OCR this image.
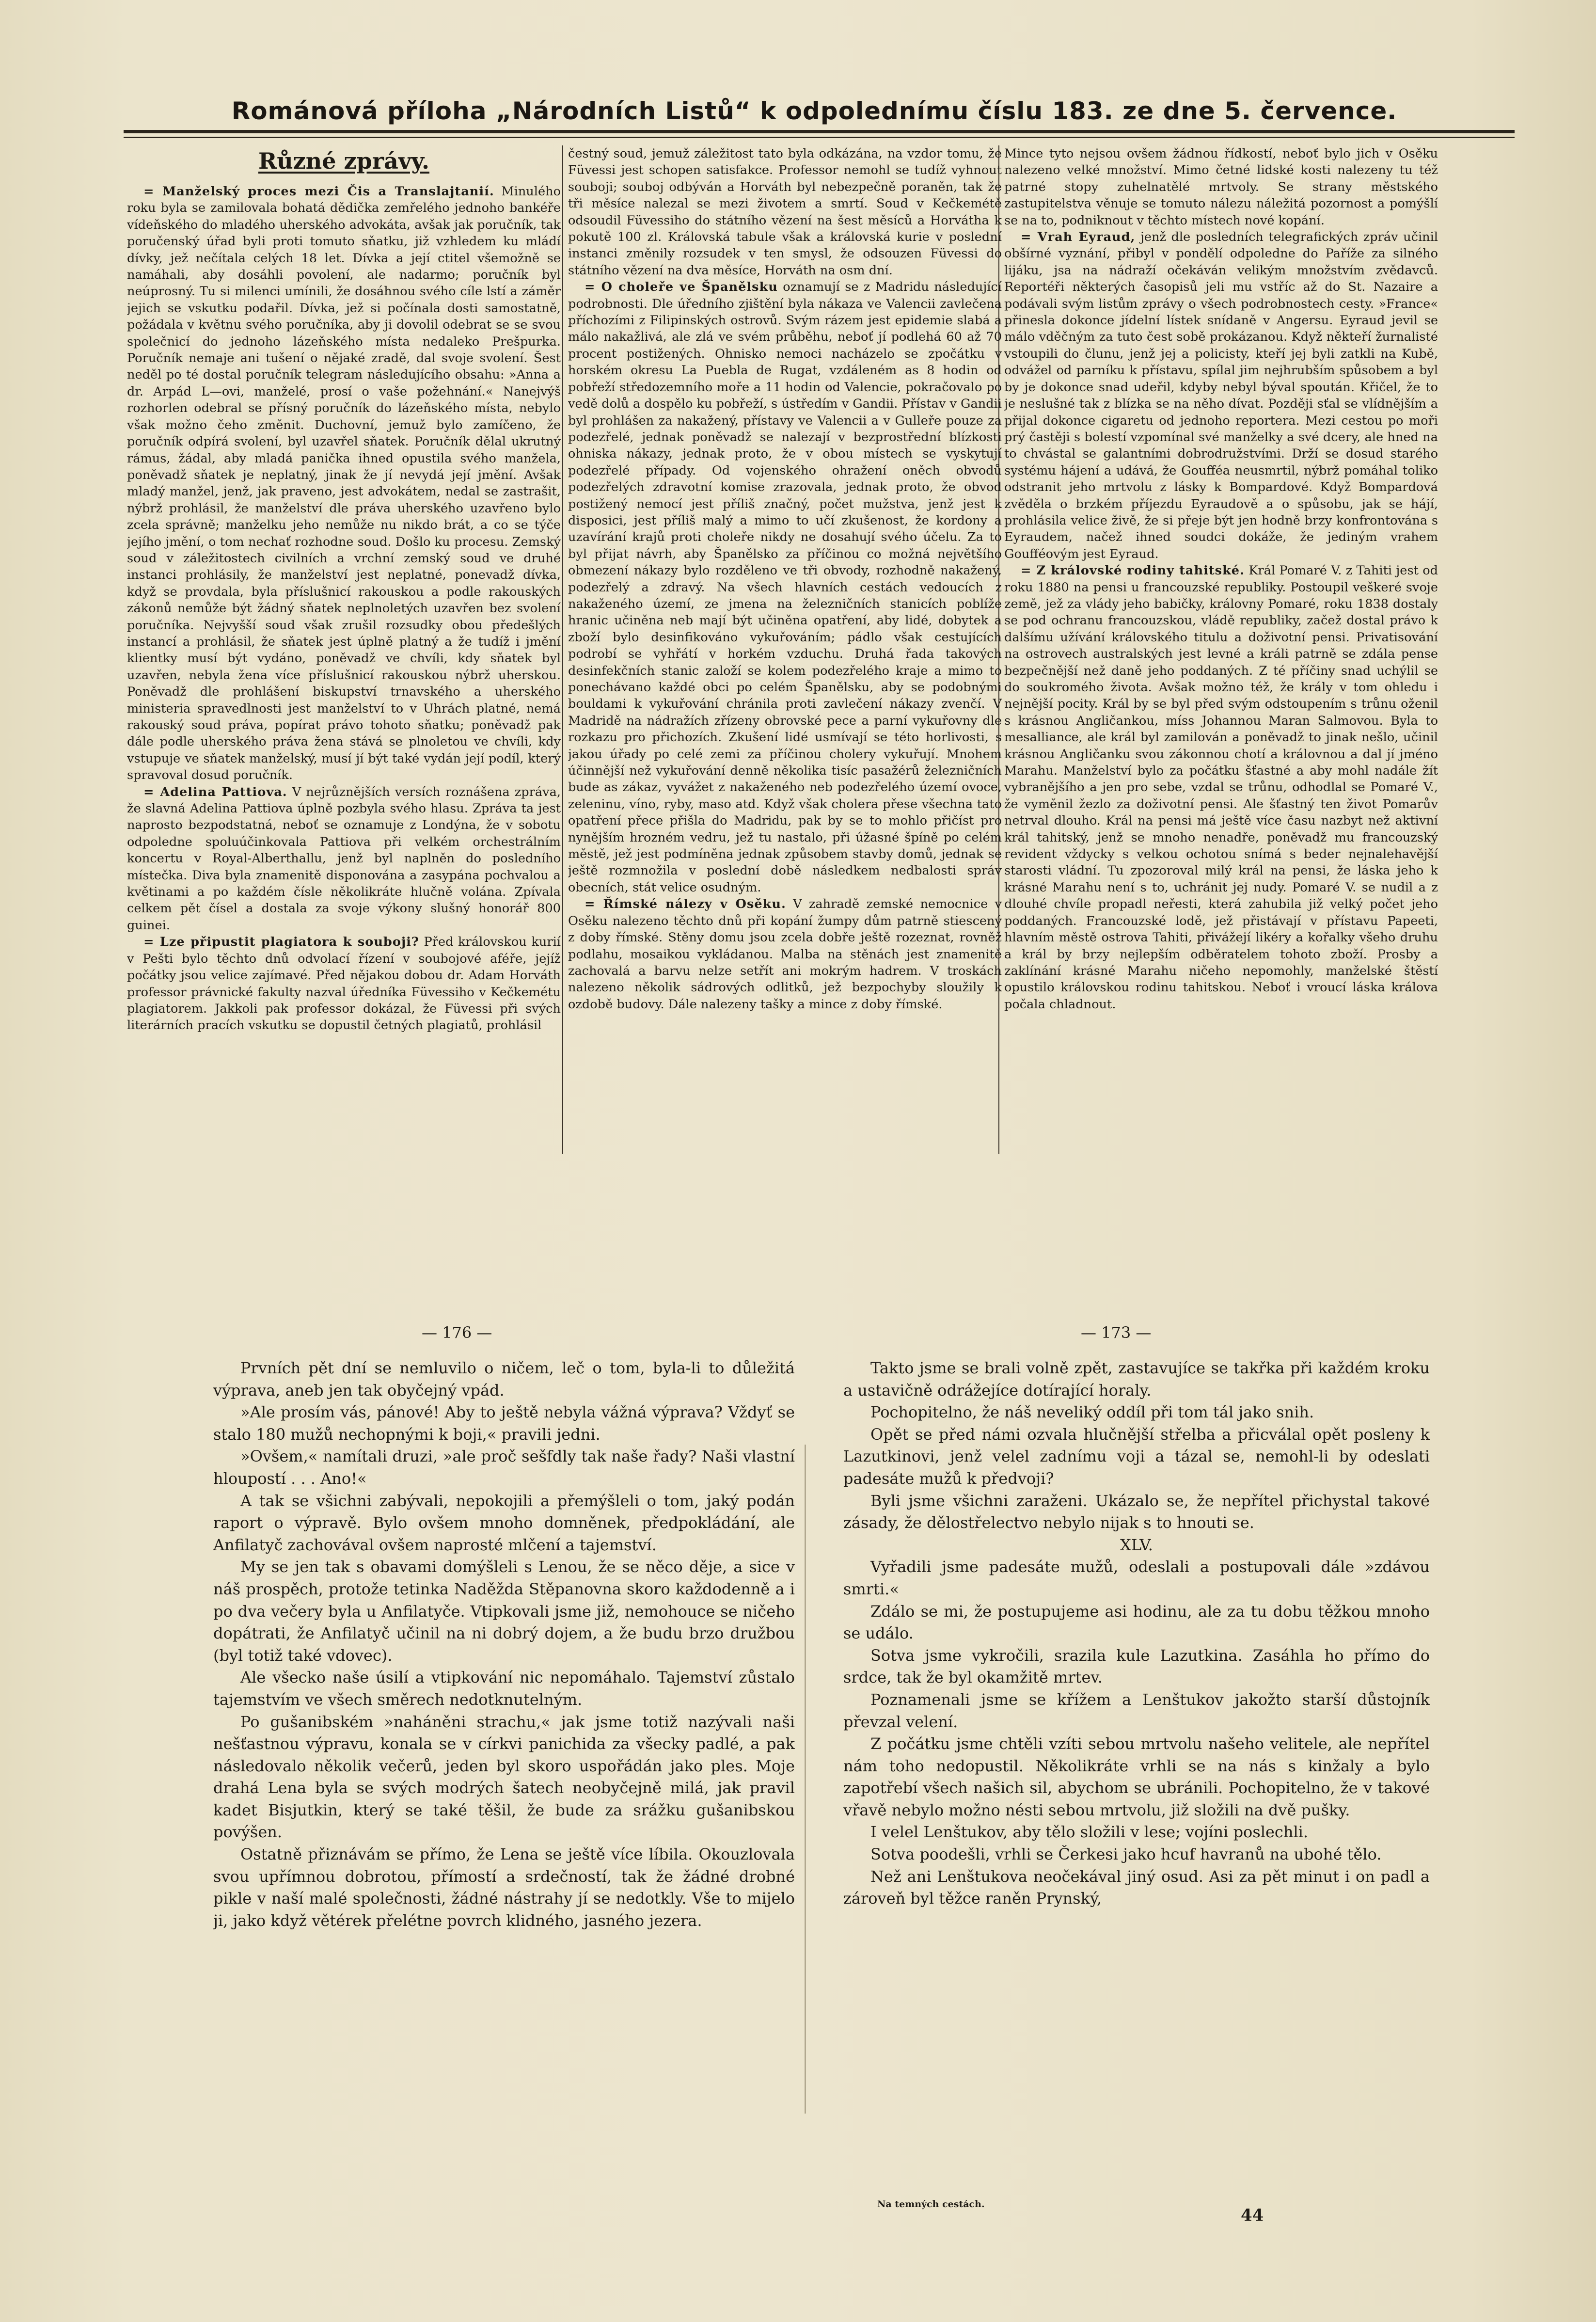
Románová příloha „Národních Listů“ k odpolednímu číslu 183. ze dne 5. července.
Různé zprávy.

= Manželský proces mezi Čis a Translajtanií. Minulého roku byla se zamilovala bohatá dědička zemřelého jednoho bankéře vídeňského do mladého uherského advokáta, avšak jak poručník, tak poručenský úřad byli proti tomuto sňatku, již vzhledem ku mládí dívky, jež nečítala celých 18 let. Dívka a její ctitel všemožně se namáhali, aby dosáhli povolení, ale nadarmo; poručník byl neúprosný. Tu si milenci umínili, že dosáhnou svého cíle lstí a záměr jejich se vskutku podařil. Dívka, jež si počínala dosti samostatně, požádala v květnu svého poručníka, aby ji dovolil odebrat se se svou společnicí do jednoho lázeňského místa nedaleko Prešpurka. Poručník nemaje ani tušení o nějaké zradě, dal svoje svolení. Šest neděl po té dostal poručník telegram následujícího obsahu: »Anna a dr. Arpád L—ovi, manželé, prosí o vaše požehnání.« Nanejvýš rozhorlen odebral se přísný poručník do lázeňského místa, nebylo však možno čeho změnit. Duchovní, jemuž bylo zamíčeno, že poručník odpírá svolení, byl uzavřel sňatek. Poručník dělal ukrutný rámus, žádal, aby mladá panička ihned opustila svého manžela, poněvadž sňatek je neplatný, jinak že jí nevydá její jmění. Avšak mladý manžel, jenž, jak praveno, jest advokátem, nedal se zastrašit, nýbrž prohlásil, že manželství dle práva uherského uzavřeno bylo zcela správně; manželku jeho nemůže nu nikdo brát, a co se týče jejího jmění, o tom nechať rozhodne soud. Došlo ku procesu. Zemský soud v záležitostech civilních a vrchní zemský soud ve druhé instanci prohlásily, že manželství jest neplatné, ponevadž dívka, když se provdala, byla příslušnicí rakouskou a podle rakouských zákonů nemůže být žádný sňatek neplnoletých uzavřen bez svolení poručníka. Nejvyšší soud však zrušil rozsudky obou předešlých instancí a prohlásil, že sňatek jest úplně platný a že tudíž i jmění klientky musí být vydáno, poněvadž ve chvíli, kdy sňatek byl uzavřen, nebyla žena více příslušnicí rakouskou nýbrž uherskou. Poněvadž dle prohlášení biskupství trnavského a uherského ministeria spravedlnosti jest manželství to v Uhrách platné, nemá rakouský soud práva, popírat právo tohoto sňatku; poněvadž pak dále podle uherského práva žena stává se plnoletou ve chvíli, kdy vstupuje ve sňatek manželský, musí jí být také vydán její podíl, který spravoval dosud poručník.

= Adelina Pattiova. V nejrůznějších versích roznášena zpráva, že slavná Adelina Pattiova úplně pozbyla svého hlasu. Zpráva ta jest naprosto bezpodstatná, neboť se oznamuje z Londýna, že v sobotu odpoledne spoluúčinkovala Pattiova při velkém orchestrálním koncertu v Royal-Alberthallu, jenž byl naplněn do posledního místečka. Diva byla znamenitě disponována a zasypána pochvalou a květinami a po každém čísle několikráte hlučně volána. Zpívala celkem pět čísel a dostala za svoje výkony slušný honorář 800 guinei.

= Lze připustit plagiatora k souboji? Před královskou kurií v Pešti bylo těchto dnů odvolací řízení v soubojové aféře, jejíž počátky jsou velice zajímavé. Před nějakou dobou dr. Adam Horváth professor právnické fakulty nazval úředníka Füvessiho v Kečkemétu plagiatorem. Jakkoli pak professor dokázal, že Füvessi při svých literárních pracích vskutku se dopustil četných plagiatů, prohlásil

čestný soud, jemuž záležitost tato byla odkázána, na vzdor tomu, že Füvessi jest schopen satisfakce. Professor nemohl se tudíž vyhnout souboji; souboj odbýván a Horváth byl nebezpečně poraněn, tak že tři měsíce nalezal se mezi životem a smrtí. Soud v Kečkemétě odsoudil Füvessiho do státního vězení na šest měsíců a Horvátha k pokutě 100 zl. Královská tabule však a královská kurie v poslední instanci změnily rozsudek v ten smysl, že odsouzen Füvessi do státního vězení na dva měsíce, Horváth na osm dní.

= O choleře ve Španělsku oznamují se z Madridu následující podrobnosti. Dle úředního zjištění byla nákaza ve Valencii zavlečena příchozími z Filipinských ostrovů. Svým rázem jest epidemie slabá a málo nakažlivá, ale zlá ve svém průběhu, neboť jí podlehá 60 až 70 procent postižených. Ohnisko nemoci nacházelo se zpočátku v horském okresu La Puebla de Rugat, vzdáleném as 8 hodin od pobřeží středozemního moře a 11 hodin od Valencie, pokračovalo po vedě dolů a dospělo ku pobřeží, s ústředím v Gandii. Přístav v Gandii byl prohlášen za nakažený, přístavy ve Valencii a v Gulleře pouze za podezřelé, jednak poněvadž se nalezají v bezprostřední blízkosti ohniska nákazy, jednak proto, že v obou místech se vyskytují podezřelé případy. Od vojenského ohražení oněch obvodů podezřelých zdravotní komise zrazovala, jednak proto, že obvod postižený nemocí jest příliš značný, počet mužstva, jenž jest k disposici, jest příliš malý a mimo to učí zkušenost, že kordony a uzavírání krajů proti choleře nikdy ne dosahují svého účelu. Za to byl přijat návrh, aby Španělsko za příčinou co možná největšího obmezení nákazy bylo rozděleno ve tři obvody, rozhodně nakažený, podezřelý a zdravý. Na všech hlavních cestách vedoucích z nakaženého území, ze jmena na železničních stanicích poblíže hranic učiněna neb mají být učiněna opatření, aby lidé, dobytek a zboží bylo desinfikováno vykuřováním; pádlo však cestujících podrobí se vyhřátí v horkém vzduchu. Druhá řada takových desinfekčních stanic založí se kolem podezřelého kraje a mimo to ponechávano každé obci po celém Španělsku, aby se podobnými bouldami k vykuřování chránila proti zavlečení nákazy zvenčí. V Madridě na nádražích zřízeny obrovské pece a parní vykuřovny dle rozkazu pro přichozích. Zkušení lidé usmívají se této horlivosti, s jakou úřady po celé zemi za příčinou cholery vykuřují. Mnohem účinnější než vykuřování denně několika tisíc pasažérů železničních bude as zákaz, vyvážet z nakaženého neb podezřelého území ovoce, zeleninu, víno, ryby, maso atd. Když však cholera přese všechna tato opatření přece přišla do Madridu, pak by se to mohlo přičíst pro nynějším hrozném vedru, jež tu nastalo, při úžasné špíně po celém městě, jež jest podmíněna jednak způsobem stavby domů, jednak se ještě rozmnožila v poslední době následkem nedbalosti správ obecních, stát velice osudným.

= Římské nálezy v Osěku. V zahradě zemské nemocnice v Osěku nalezeno těchto dnů při kopání žumpy dům patrně stiescený z doby římské. Stěny domu jsou zcela dobře ještě rozeznat, rovněž podlahu, mosaikou vykládanou. Malba na stěnách jest znamenitě zachovalá a barvu nelze setřít ani mokrým hadrem. V troskách nalezeno několik sádrových odlitků, jež bezpochyby sloužily k ozdobě budovy. Dále nalezeny tašky a mince z doby římské.

Mince tyto nejsou ovšem žádnou řídkostí, neboť bylo jich v Osěku nalezeno velké množství. Mimo četné lidské kosti nalezeny tu též patrné stopy zuhelnatělé mrtvoly. Se strany městského zastupitelstva věnuje se tomuto nálezu náležitá pozornost a pomýšlí se na to, podniknout v těchto místech nové kopání.

= Vrah Eyraud, jenž dle posledních telegrafických zpráv učinil obšírné vyznání, přibyl v pondělí odpoledne do Paříže za silného lijáku, jsa na nádraží očekáván velikým množstvím zvědavců. Reportéři některých časopisů jeli mu vstříc až do St. Nazaire a podávali svým listům zprávy o všech podrobnostech cesty. »France« přinesla dokonce jídelní lístek snídaně v Angersu. Eyraud jevil se málo vděčným za tuto čest sobě prokázanou. Když někteří žurnalisté vstoupili do člunu, jenž jej a policisty, kteří jej byli zatkli na Kubě, odvážel od parníku k přístavu, spílal jim nejhrubším spůsobem a byl by je dokonce snad udeřil, kdyby nebyl býval spoután. Křičel, že to je neslušné tak z blízka se na něho dívat. Později sťal se vlídnějším a přijal dokonce cigaretu od jednoho reportera. Mezi cestou po moři prý častěji s bolestí vzpomínal své manželky a své dcery, ale hned na to chvástal se galantními dobrodružstvími. Drží se dosud starého systému hájení a udává, že Goufféa neusmrtil, nýbrž pomáhal toliko odstranit jeho mrtvolu z lásky k Bompardové. Když Bompardová zvěděla o brzkém příjezdu Eyraudově a o spůsobu, jak se hájí, prohlásila velice živě, že si přeje být jen hodně brzy konfrontována s Eyraudem, načež ihned soudci dokáže, že jediným vrahem Goufféovým jest Eyraud.

= Z královské rodiny tahitské. Král Pomaré V. z Tahiti jest od roku 1880 na pensi u francouzské republiky. Postoupil veškeré svoje země, jež za vlády jeho babičky, královny Pomaré, roku 1838 dostaly se pod ochranu francouzskou, vládě republiky, začež dostal právo k dalšímu užívání královského titulu a doživotní pensi. Privatisování na ostrovech australských jest levné a králi patrně se zdála pense bezpečnější než daně jeho poddaných. Z té příčiny snad uchýlil se do soukromého života. Avšak možno též, že krály v tom ohledu i nejnější pocity. Král by se byl před svým odstoupením s trůnu oženil s krásnou Angličankou, míss Johannou Maran Salmovou. Byla to mesalliance, ale král byl zamilován a poněvadž to jinak nešlo, učinil krásnou Angličanku svou zákonnou chotí a královnou a dal jí jméno Marahu. Manželství bylo za počátku šťastné a aby mohl nadále žít vybranějšího a jen pro sebe, vzdal se trůnu, odhodlal se Pomaré V., že vyměnil žezlo za doživotní pensi. Ale šťastný ten život Pomarův netrval dlouho. Král na pensi má ještě více času nazbyt než aktivní král tahitský, jenž se mnoho nenadře, poněvadž mu francouzský revident vždycky s velkou ochotou snímá s beder nejnalehavější starosti vládní. Tu zpozoroval milý král na pensi, že láska jeho k krásné Marahu není s to, uchránit jej nudy. Pomaré V. se nudil a z dlouhé chvíle propadl neřesti, která zahubila již velký počet jeho poddaných. Francouzské lodě, jež přistávají v přístavu Papeeti, hlavním městě ostrova Tahiti, přivážejí likéry a kořalky všeho druhu a král by brzy nejlepším odběratelem tohoto zboží. Prosby a zaklínání krásné Marahu ničeho nepomohly, manželské štěstí opustilo královskou rodinu tahitskou. Neboť i vroucí láska králova počala chladnout.

— 176 —	— 173 —

Prvních pět dní se nemluvilo o ničem, leč o tom, byla-li to důležitá výprava, aneb jen tak obyčejný vpád.

»Ale prosím vás, pánové! Aby to ještě nebyla vážná výprava? Vždyť se stalo 180 mužů nechopnými k boji,« pravili jedni.

»Ovšem,« namítali druzi, »ale proč sešfdly tak naše řady? Naši vlastní hloupostí . . . Ano!«

A tak se všichni zabývali, nepokojili a přemýšleli o tom, jaký podán raport o výpravě. Bylo ovšem mnoho domněnek, předpokládání, ale Anfilatyč zachovával ovšem naprosté mlčení a tajemství.

My se jen tak s obavami domýšleli s Lenou, že se něco děje, a sice v náš prospěch, protože tetinka Naděžda Stěpanovna skoro každodenně a i po dva večery byla u Anfilatyče. Vtipkovali jsme již, nemohouce se ničeho dopátrati, že Anfilatyč učinil na ni dobrý dojem, a že budu brzo družbou (byl totiž také vdovec).

Ale všecko naše úsilí a vtipkování nic nepomáhalo. Tajemství zůstalo tajemstvím ve všech směrech nedotknutelným.

Po gušanibském »naháněni strachu,« jak jsme totiž nazývali naši nešťastnou výpravu, konala se v církvi panichida za všecky padlé, a pak následovalo několik večerů, jeden byl skoro uspořádán jako ples. Moje drahá Lena byla se svých modrých šatech neobyčejně milá, jak pravil kadet Bisjutkin, který se také těšil, že bude za srážku gušanibskou povýšen.

Ostatně přiznávám se přímo, že Lena se ještě více líbila. Okouzlovala svou upřímnou dobrotou, přímostí a srdečností, tak že žádné drobné pikle v naší malé společnosti, žádné nástrahy jí se nedotkly. Vše to mijelo ji, jako když větérek přelétne povrch klidného, jasného jezera.

Takto jsme se brali volně zpět, zastavujíce se takřka při každém kroku a ustavičně odrážejíce dotírající horaly.

Pochopitelno, že náš neveliký oddíl při tom tál jako snih.

Opět se před námi ozvala hlučnější střelba a přicválal opět posleny k Lazutkinovi, jenž velel zadnímu voji a tázal se, nemohl-li by odeslati padesáte mužů k předvoji?

Byli jsme všichni zaraženi. Ukázalo se, že nepřítel přichystal takové zásady, že dělostřelectvo nebylo nijak s to hnouti se.

XLV.

Vyřadili jsme padesáte mužů, odeslali a postupovali dále »zdávou smrti.«

Zdálo se mi, že postupujeme asi hodinu, ale za tu dobu těžkou mnoho se událo.

Sotva jsme vykročili, srazila kule Lazutkina. Zasáhla ho přímo do srdce, tak že byl okamžitě mrtev.

Poznamenali jsme se křížem a Lenštukov jakožto starší důstojník převzal velení.

Z počátku jsme chtěli vzíti sebou mrtvolu našeho velitele, ale nepřítel nám toho nedopustil. Několikráte vrhli se na nás s kinžaly a bylo zapotřebí všech našich sil, abychom se ubránili. Pochopitelno, že v takové vřavě nebylo možno nésti sebou mrtvolu, již složili na dvě pušky.

I velel Lenštukov, aby tělo složili v lese; vojíni poslechli.

Sotva poodešli, vrhli se Čerkesi jako hcuf havranů na ubohé tělo.

Než ani Lenštukova neočekával jiný osud. Asi za pět minut i on padl a zároveň byl těžce raněn Prynský,

Na temných cestách.
44
